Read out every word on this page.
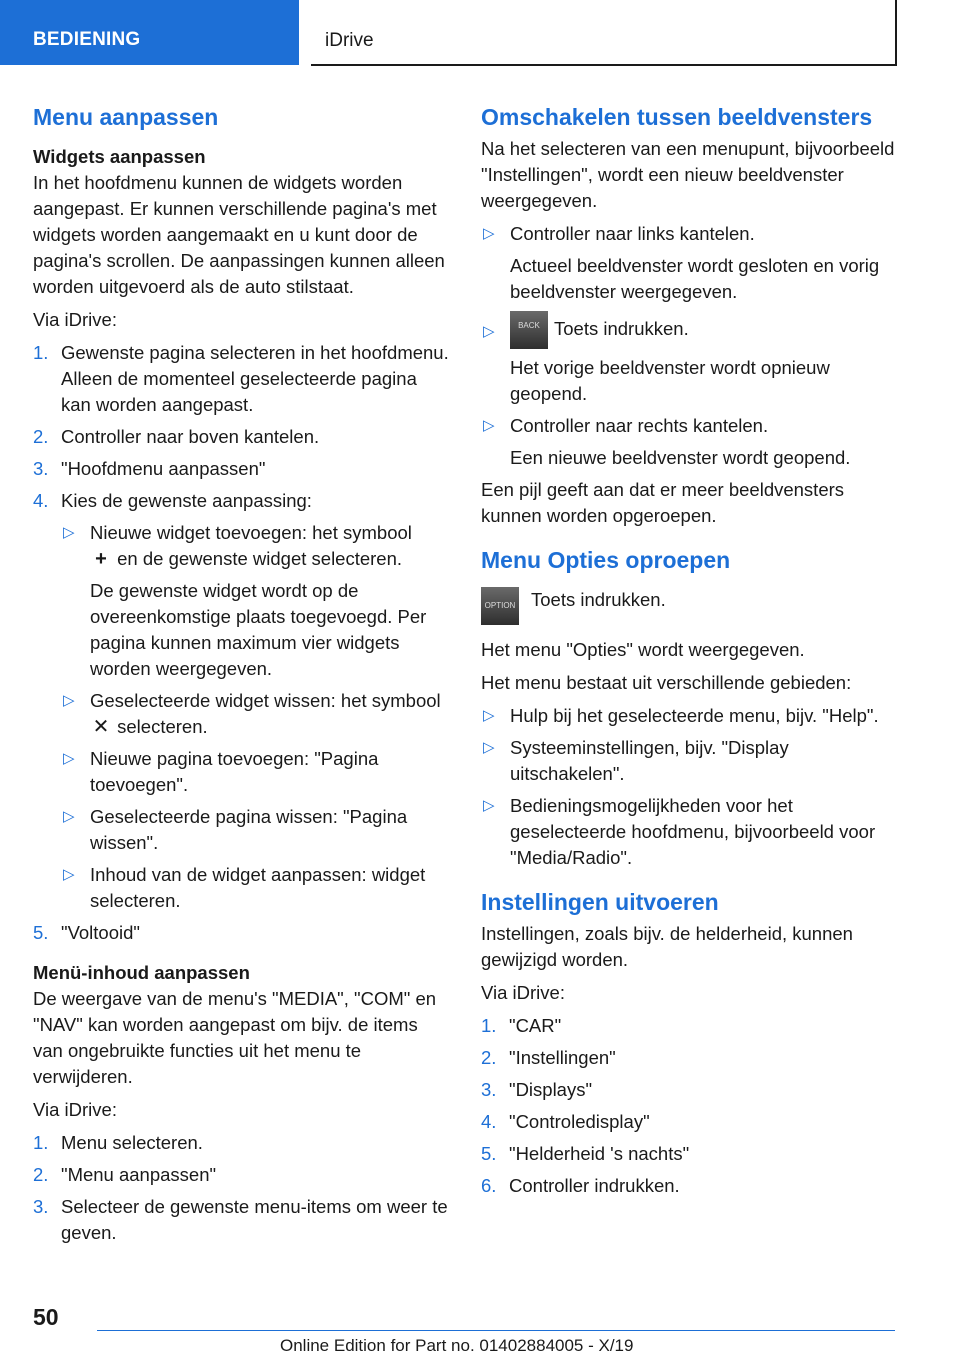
BEDIENING	iDrive
Menu aanpassen
Widgets aanpassen

In het hoofdmenu kunnen de widgets worden aangepast. Er kunnen verschillende pagina's met widgets worden aangemaakt en u kunt door de pagina's scrollen. De aanpassingen kunnen alleen worden uitgevoerd als de auto stilstaat.

Via iDrive:

1. Gewenste pagina selecteren in het hoofdmenu. Alleen de momenteel geselecteerde pagina kan worden aangepast.
2. Controller naar boven kantelen.
3. "Hoofdmenu aanpassen"
4. Kies de gewenste aanpassing:
▷ Nieuwe widget toevoegen: het symbool
+ en de gewenste widget selecteren.
De gewenste widget wordt op de overeenkomstige plaats toegevoegd. Per pagina kunnen maximum vier widgets worden weergegeven.
▷ Geselecteerde widget wissen: het symbool ✕ selecteren.
▷ Nieuwe pagina toevoegen: "Pagina toevoegen".
▷ Geselecteerde pagina wissen: "Pagina wissen".
▷ Inhoud van de widget aanpassen: widget selecteren.
5. "Voltooid"
Menü-inhoud aanpassen

De weergave van de menu's "MEDIA", "COM" en "NAV" kan worden aangepast om bijv. de items van ongebruikte functies uit het menu te verwijderen.

Via iDrive:

1. Menu selecteren.
2. "Menu aanpassen"
3. Selecteer de gewenste menu-items om weer te geven.
Omschakelen tussen beeldvensters

Na het selecteren van een menupunt, bijvoorbeeld "Instellingen", wordt een nieuw beeldvenster weergegeven.

▷ Controller naar links kantelen.
Actueel beeldvenster wordt gesloten en vorig beeldvenster weergegeven.
▷	BACK Toets indrukken.
Het vorige beeldvenster wordt opnieuw geopend.
▷ Controller naar rechts kantelen.
Een nieuwe beeldvenster wordt geopend.

Een pijl geeft aan dat er meer beeldvensters kunnen worden opgeroepen.

Menu Opties oproepen
OPTION Toets indrukken.

Het menu "Opties" wordt weergegeven.

Het menu bestaat uit verschillende gebieden:

▷ Hulp bij het geselecteerde menu, bijv. "Help".
▷ Systeeminstellingen, bijv. "Display uitschakelen".
▷ Bedieningsmogelijkheden voor het geselecteerde hoofdmenu, bijvoorbeeld voor "Media/Radio".
Instellingen uitvoeren

Instellingen, zoals bijv. de helderheid, kunnen gewijzigd worden.

Via iDrive:

1. "CAR"
2. "Instellingen"
3. "Displays"
4. "Controledisplay"
5. "Helderheid 's nachts"
6. Controller indrukken.
50
Online Edition for Part no. 01402884005 - X/19
